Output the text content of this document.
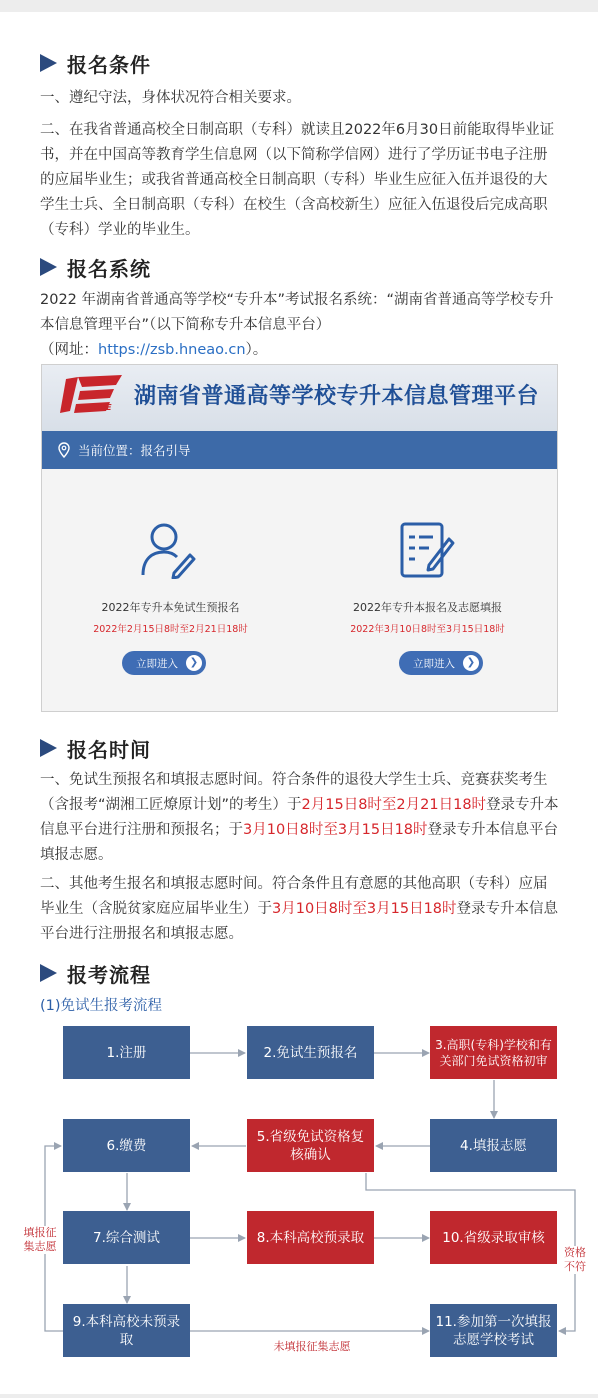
报名条件
一、遵纪守法，身体状况符合相关要求。
二、在我省普通高校全日制高职（专科）就读且2022年6月30日前能取得毕业证书，并在中国高等教育学生信息网（以下简称学信网）进行了学历证书电子注册的应届毕业生；或我省普通高校全日制高职（专科）毕业生应征入伍并退役的大学生士兵、全日制高职（专科）在校生（含高校新生）应征入伍退役后完成高职（专科）学业的毕业生。
报名系统
2022 年湖南省普通高等学校“专升本”考试报名系统：“湖南省普通高等学校专升本信息管理平台”（以下简称专升本信息平台）
（网址：https://zsb.hneao.cn）。
HEE 湖南省普通高等学校专升本信息管理平台
当前位置：报名引导
2022年专升本免试生预报名
2022年2月15日8时至2月21日18时
立即进入	❯
2022年专升本报名及志愿填报
2022年3月10日8时至3月15日18时
立即进入	❯
报名时间
一、免试生预报名和填报志愿时间。符合条件的退役大学生士兵、竞赛获奖考生（含报考“湖湘工匠燎原计划”的考生）于2月15日8时至2月21日18时登录专升本信息平台进行注册和预报名；于3月10日8时至3月15日18时登录专升本信息平台填报志愿。
二、其他考生报名和填报志愿时间。符合条件且有意愿的其他高职（专科）应届毕业生（含脱贫家庭应届毕业生）于3月10日8时至3月15日18时登录专升本信息平台进行注册报名和填报志愿。
报考流程
(1)免试生报考流程
1.注册	2.免试生预报名	3.高职(专科)学校和有关部门免试资格初审
6.缴费
5.省级免试资格复核确认
4.填报志愿
7.综合测试	8.本科高校预录取	10.省级录取审核
9.本科高校未预录取
11.参加第一次填报志愿学校考试
填报征集志愿	资格不符
未填报征集志愿
